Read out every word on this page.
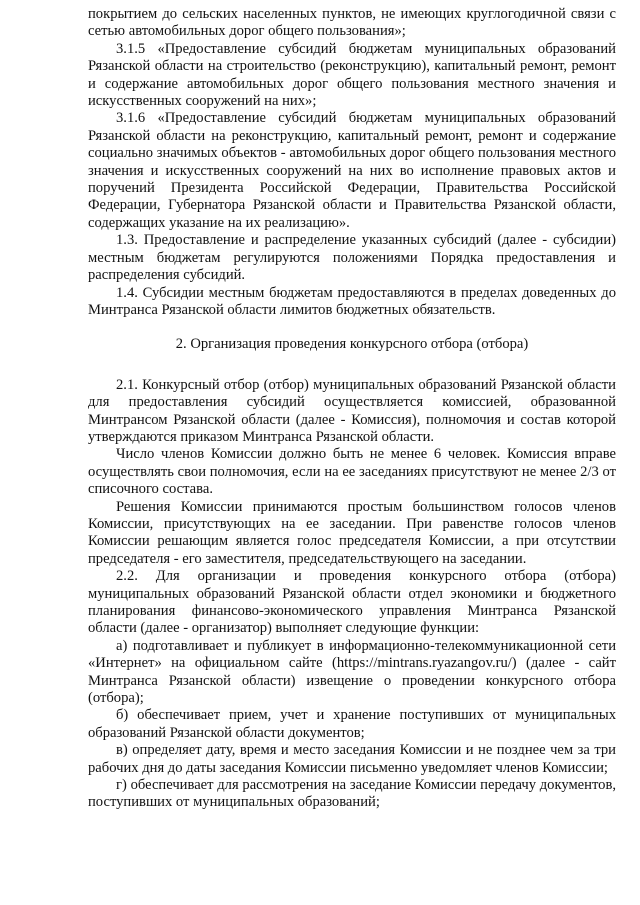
покрытием до сельских населенных пунктов, не имеющих круглогодичной связи с сетью автомобильных дорог общего пользования»;

3.1.5 «Предоставление субсидий бюджетам муниципальных образований Рязанской области на строительство (реконструкцию), капитальный ремонт, ремонт и содержание автомобильных дорог общего пользования местного значения и искусственных сооружений на них»;

3.1.6 «Предоставление субсидий бюджетам муниципальных образований Рязанской области на реконструкцию, капитальный ремонт, ремонт и содержание социально значимых объектов - автомобильных дорог общего пользования местного значения и искусственных сооружений на них во исполнение правовых актов и поручений Президента Российской Федерации, Правительства Российской Федерации, Губернатора Рязанской области и Правительства Рязанской области, содержащих указание на их реализацию».

1.3. Предоставление и распределение указанных субсидий (далее - субсидии) местным бюджетам регулируются положениями Порядка предоставления и распределения субсидий.

1.4. Субсидии местным бюджетам предоставляются в пределах доведенных до Минтранса Рязанской области лимитов бюджетных обязательств.

2. Организация проведения конкурсного отбора (отбора)

2.1. Конкурсный отбор (отбор) муниципальных образований Рязанской области для предоставления субсидий осуществляется комиссией, образованной Минтрансом Рязанской области (далее - Комиссия), полномочия и состав которой утверждаются приказом Минтранса Рязанской области.

Число членов Комиссии должно быть не менее 6 человек. Комиссия вправе осуществлять свои полномочия, если на ее заседаниях присутствуют не менее 2/3 от списочного состава.

Решения Комиссии принимаются простым большинством голосов членов Комиссии, присутствующих на ее заседании. При равенстве голосов членов Комиссии решающим является голос председателя Комиссии, а при отсутствии председателя - его заместителя, председательствующего на заседании.

2.2. Для организации и проведения конкурсного отбора (отбора) муниципальных образований Рязанской области отдел экономики и бюджетного планирования финансово-экономического управления Минтранса Рязанской области (далее - организатор) выполняет следующие функции:

а) подготавливает и публикует в информационно-телекоммуникационной сети «Интернет» на официальном сайте (https://mintrans.ryazangov.ru/) (далее - сайт Минтранса Рязанской области) извещение о проведении конкурсного отбора (отбора);

б) обеспечивает прием, учет и хранение поступивших от муниципальных образований Рязанской области документов;

в) определяет дату, время и место заседания Комиссии и не позднее чем за три рабочих дня до даты заседания Комиссии письменно уведомляет членов Комиссии;

г) обеспечивает для рассмотрения на заседание Комиссии передачу документов, поступивших от муниципальных образований;
